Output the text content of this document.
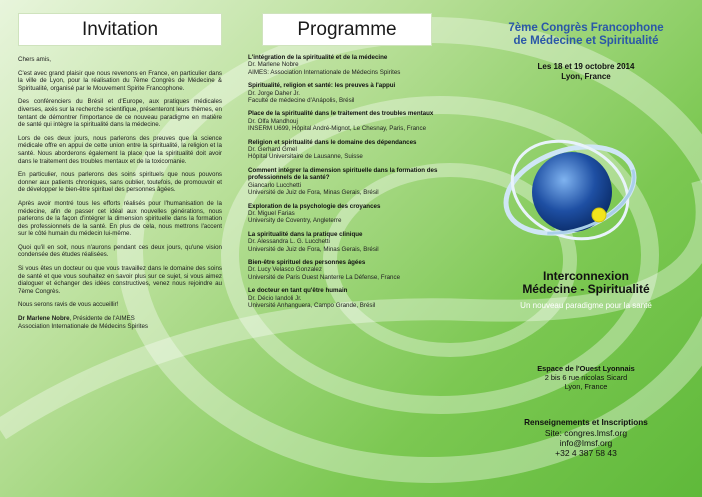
Invitation

Chers amis,

C'est avec grand plaisir que nous revenons en France, en particulier dans la ville de Lyon, pour la réalisation du 7ème Congrès de Médecine & Spiritualité, organisé par le Mouvement Spirite Francophone.

Des conférenciers du Brésil et d'Europe, aux pratiques médicales diverses, axés sur la recherche scientifique, présenteront leurs thèmes, en tentant de démontrer l'importance de ce nouveau paradigme en matière de santé qui intègre la spiritualité dans la médecine.

Lors de ces deux jours, nous parlerons des preuves que la science médicale offre en appui de cette union entre la spiritualité, la religion et la santé. Nous aborderons également la place que la spiritualité doit avoir dans le traitement des troubles mentaux et de la toxicomanie.

En particulier, nous parlerons des soins spirituels que nous pouvons donner aux patients chroniques, sans oublier, toutefois, de promouvoir et de développer le bien-être spirituel des personnes âgées.

Après avoir montré tous les efforts réalisés pour l'humanisation de la médecine, afin de passer cet idéal aux nouvelles générations, nous parlerons de la façon d'intégrer la dimension spirituelle dans la formation des professionnels de la santé. En plus de cela, nous mettrons l'accent sur le côté humain du médecin lui-même.

Quoi qu'il en soit, nous n'aurons pendant ces deux jours, qu'une vision condensée des études réalisées.

Si vous êtes un docteur ou que vous travaillez dans le domaine des soins de santé et que vous souhaitez en savoir plus sur ce sujet, si vous aimez dialoguer et échanger des idées constructives, venez nous rejoindre au 7ème Congrès.

Nous serons ravis de vous accueillir!

Dr Marlene Nobre, Présidente de l'AIMES
Association Internationale de Médecins Spirites
Programme
L'intégration de la spiritualité et de la médecine
Dr. Marlene Nobre
AIMES: Association Internationale de Médecins Spirites
Spiritualité, religion et santé: les preuves à l'appui
Dr. Jorge Daher Jr.
Faculté de médecine d'Anápolis, Brésil
Place de la spiritualité dans le traitement des troubles mentaux
Dr. Olfa Mandhouj
INSERM U699, Hôpital André-Mignot, Le Chesnay, Paris, France
Religion et spiritualité dans le domaine des dépendances
Dr. Gerhard Gmel
Hôpital Universitaire de Lausanne, Suisse
Comment intégrer la dimension spirituelle dans la formation des professionnels de la santé?
Giancarlo Lucchetti
Université de Juiz de Fora, Minas Gerais, Brésil
Exploration de la psychologie des croyances
Dr. Miguel Farias
University de Coventry, Angleterre
La spiritualité dans la pratique clinique
Dr. Alessandra L. G. Lucchetti
Université de Juiz de Fora, Minas Gerais, Brésil
Bien-être spirituel des personnes âgées
Dr. Lucy Velasco Gonzalez
Université de Paris Ouest Nanterre La Défense, France
Le docteur en tant qu'être humain
Dr. Décio Iandoli Jr.
Université Anhanguera, Campo Grande, Brésil
7ème Congrès Francophone
de Médecine et Spiritualité
Les 18 et 19 octobre 2014
Lyon, France
Interconnexion
Médecine - Spiritualité
Un nouveau paradigme pour la santé
Espace de l'Ouest Lyonnais
2 bis 6 rue nicolas Sicard
Lyon, France
Renseignements et Inscriptions
Site: congres.lmsf.org
info@lmsf.org
+32 4 387 58 43
